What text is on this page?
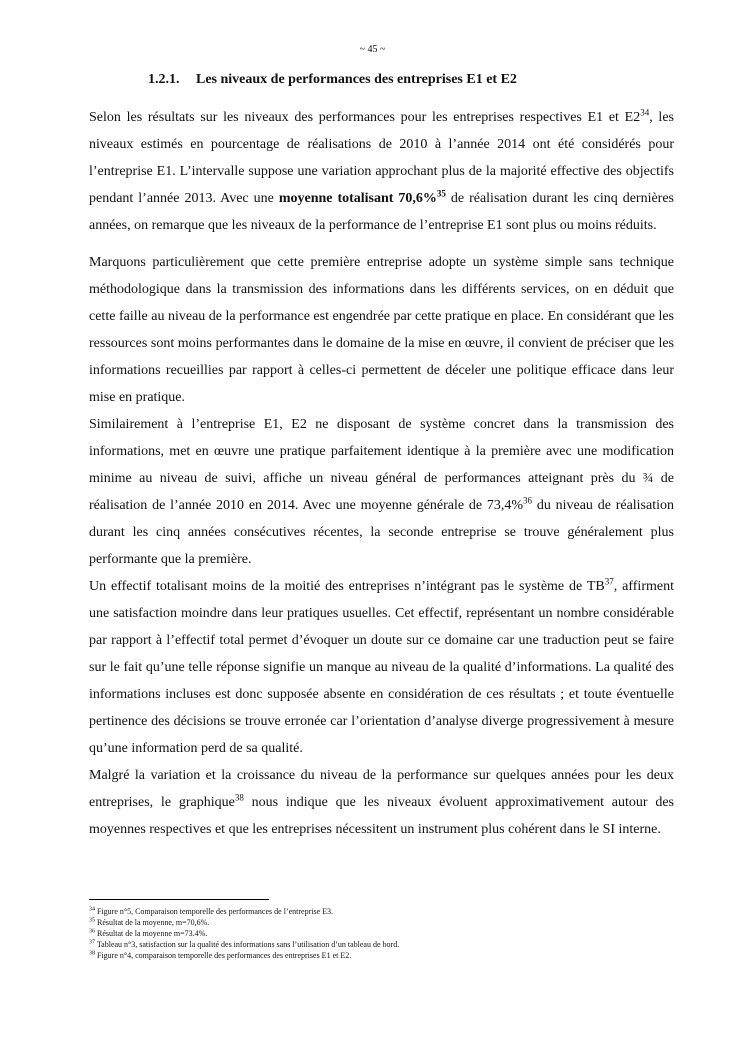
~ 45 ~
1.2.1. Les niveaux de performances des entreprises E1 et E2

Selon les résultats sur les niveaux des performances pour les entreprises respectives E1 et $E2^{34}$, les niveaux estimés en pourcentage de réalisations de 2010 à l’année 2014 ont été considérés pour l’entreprise E1. L’intervalle suppose une variation approchant plus de la majorité effective des objectifs pendant l’année 2013. Avec une moyenne totalisant 70,6%$^{35}$ de réalisation durant les cinq dernières années, on remarque que les niveaux de la performance de l’entreprise E1 sont plus ou moins réduits.

Marquons particulièrement que cette première entreprise adopte un système simple sans technique méthodologique dans la transmission des informations dans les différents services, on en déduit que cette faille au niveau de la performance est engendrée par cette pratique en place. En considérant que les ressources sont moins performantes dans le domaine de la mise en œuvre, il convient de préciser que les informations recueillies par rapport à celles-ci permettent de déceler une politique efficace dans leur mise en pratique.

Similairement à l’entreprise E1, E2 ne disposant de système concret dans la transmission des informations, met en œuvre une pratique parfaitement identique à la première avec une modification minime au niveau de suivi, affiche un niveau général de performances atteignant près du ¾ de réalisation de l’année 2010 en 2014. Avec une moyenne générale de 73,4%$^{36}$ du niveau de réalisation durant les cinq années consécutives récentes, la seconde entreprise se trouve généralement plus performante que la première.

Un effectif totalisant moins de la moitié des entreprises n’intégrant pas le système de TB$^{37}$, affirment une satisfaction moindre dans leur pratiques usuelles. Cet effectif, représentant un nombre considérable par rapport à l’effectif total permet d’évoquer un doute sur ce domaine car une traduction peut se faire sur le fait qu’une telle réponse signifie un manque au niveau de la qualité d’informations. La qualité des informations incluses est donc supposée absente en considération de ces résultats ; et toute éventuelle pertinence des décisions se trouve erronée car l’orientation d’analyse diverge progressivement à mesure qu’une information perd de sa qualité.

Malgré la variation et la croissance du niveau de la performance sur quelques années pour les deux entreprises, le graphique$^{38}$ nous indique que les niveaux évoluent approximativement autour des moyennes respectives et que les entreprises nécessitent un instrument plus cohérent dans le SI interne.

$^{34}$ Figure n°5, Comparaison temporelle des performances de l’entreprise E3.
$^{35}$ Résultat de la moyenne, m=70,6%.
$^{36}$ Résultat de la moyenne m=73.4%.
$^{37}$ Tableau n°3, satisfaction sur la qualité des informations sans l’utilisation d’un tableau de bord.
$^{38}$ Figure n°4, comparaison temporelle des performances des entreprises E1 et E2.
